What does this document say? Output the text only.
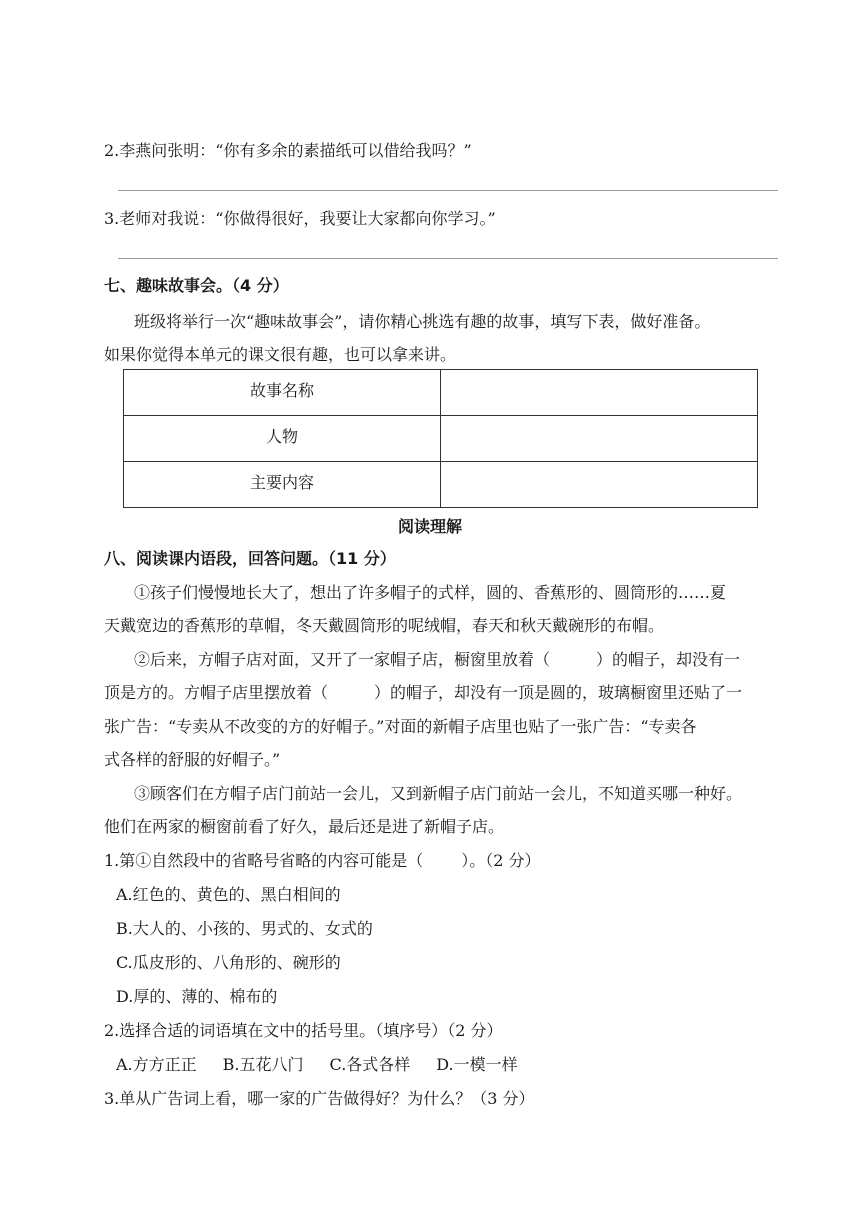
2.李燕问张明：“你有多余的素描纸可以借给我吗？”
3.老师对我说：“你做得很好，我要让大家都向你学习。”
七、趣味故事会。（4 分）
班级将举行一次“趣味故事会”，请你精心挑选有趣的故事，填写下表，做好准备。
如果你觉得本单元的课文很有趣，也可以拿来讲。
故事名称	
人物	
主要内容	
阅读理解
八、阅读课内语段，回答问题。（11 分）
①孩子们慢慢地长大了，想出了许多帽子的式样，圆的、香蕉形的、圆筒形的……夏
天戴宽边的香蕉形的草帽，冬天戴圆筒形的呢绒帽，春天和秋天戴碗形的布帽。
②后来，方帽子店对面，又开了一家帽子店，橱窗里放着（	）的帽子，却没有一
顶是方的。方帽子店里摆放着（	）的帽子，却没有一顶是圆的，玻璃橱窗里还贴了一
张广告：“专卖从不改变的方的好帽子。”对面的新帽子店里也贴了一张广告：“专卖各
式各样的舒服的好帽子。”
③顾客们在方帽子店门前站一会儿，又到新帽子店门前站一会儿，不知道买哪一种好。
他们在两家的橱窗前看了好久，最后还是进了新帽子店。
1.第①自然段中的省略号省略的内容可能是（ ）。（2 分）
A.红色的、黄色的、黑白相间的
B.大人的、小孩的、男式的、女式的
C.瓜皮形的、八角形的、碗形的
D.厚的、薄的、棉布的
2.选择合适的词语填在文中的括号里。（填序号）（2 分）
A.方方正正 B.五花八门 C.各式各样 D.一模一样
3.单从广告词上看，哪一家的广告做得好？为什么？（3 分）
